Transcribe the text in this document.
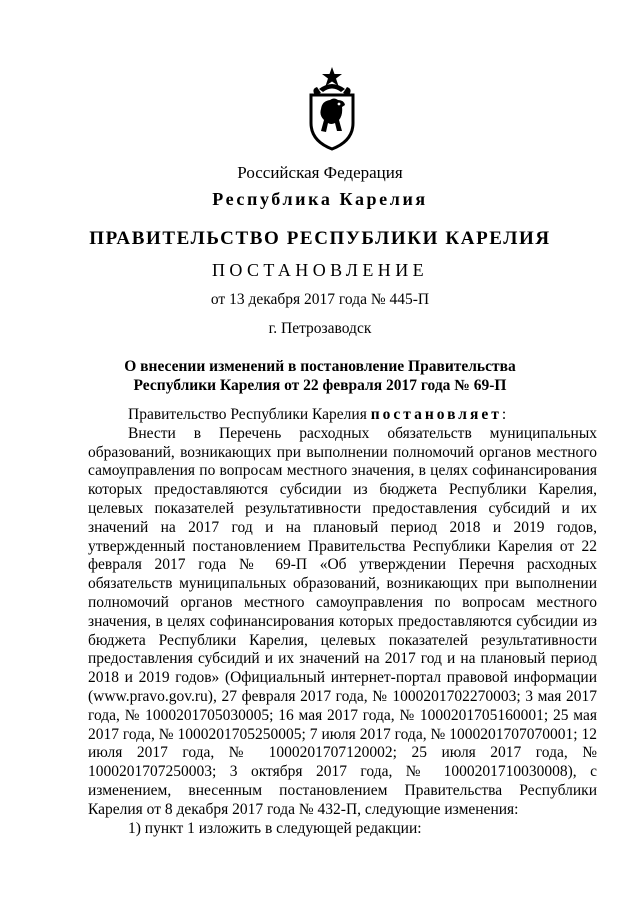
Российская Федерация
Республика Карелия
ПРАВИТЕЛЬСТВО РЕСПУБЛИКИ КАРЕЛИЯ
ПОСТАНОВЛЕНИЕ
от 13 декабря 2017 года № 445-П
г. Петрозаводск
О внесении изменений в постановление Правительства
Республики Карелия от 22 февраля 2017 года № 69-П
Правительство Республики Карелия постановляет:

Внести в Перечень расходных обязательств муниципальных образований, возникающих при выполнении полномочий органов местного самоуправления по вопросам местного значения, в целях софинансирования которых предоставляются субсидии из бюджета Республики Карелия, целевых показателей результативности предоставления субсидий и их значений на 2017 год и на плановый период 2018 и 2019 годов, утвержденный постановлением Правительства Республики Карелия от 22 февраля 2017 года № 69-П «Об утверждении Перечня расходных обязательств муниципальных образований, возникающих при выполнении полномочий органов местного самоуправления по вопросам местного значения, в целях софинансирования которых предоставляются субсидии из бюджета Республики Карелия, целевых показателей результативности предоставления субсидий и их значений на 2017 год и на плановый период 2018 и 2019 годов» (Официальный интернет-портал правовой информации (www.pravo.gov.ru), 27 февраля 2017 года, № 1000201702270003; 3 мая 2017 года, № 1000201705030005; 16 мая 2017 года, № 1000201705160001; 25 мая 2017 года, № 1000201705250005; 7 июля 2017 года, № 1000201707070001; 12 июля 2017 года, № 1000201707120002; 25 июля 2017 года, № 1000201707250003; 3 октября 2017 года, № 1000201710030008), с изменением, внесенным постановлением Правительства Республики Карелия от 8 декабря 2017 года № 432-П, следующие изменения:

1) пункт 1 изложить в следующей редакции:
